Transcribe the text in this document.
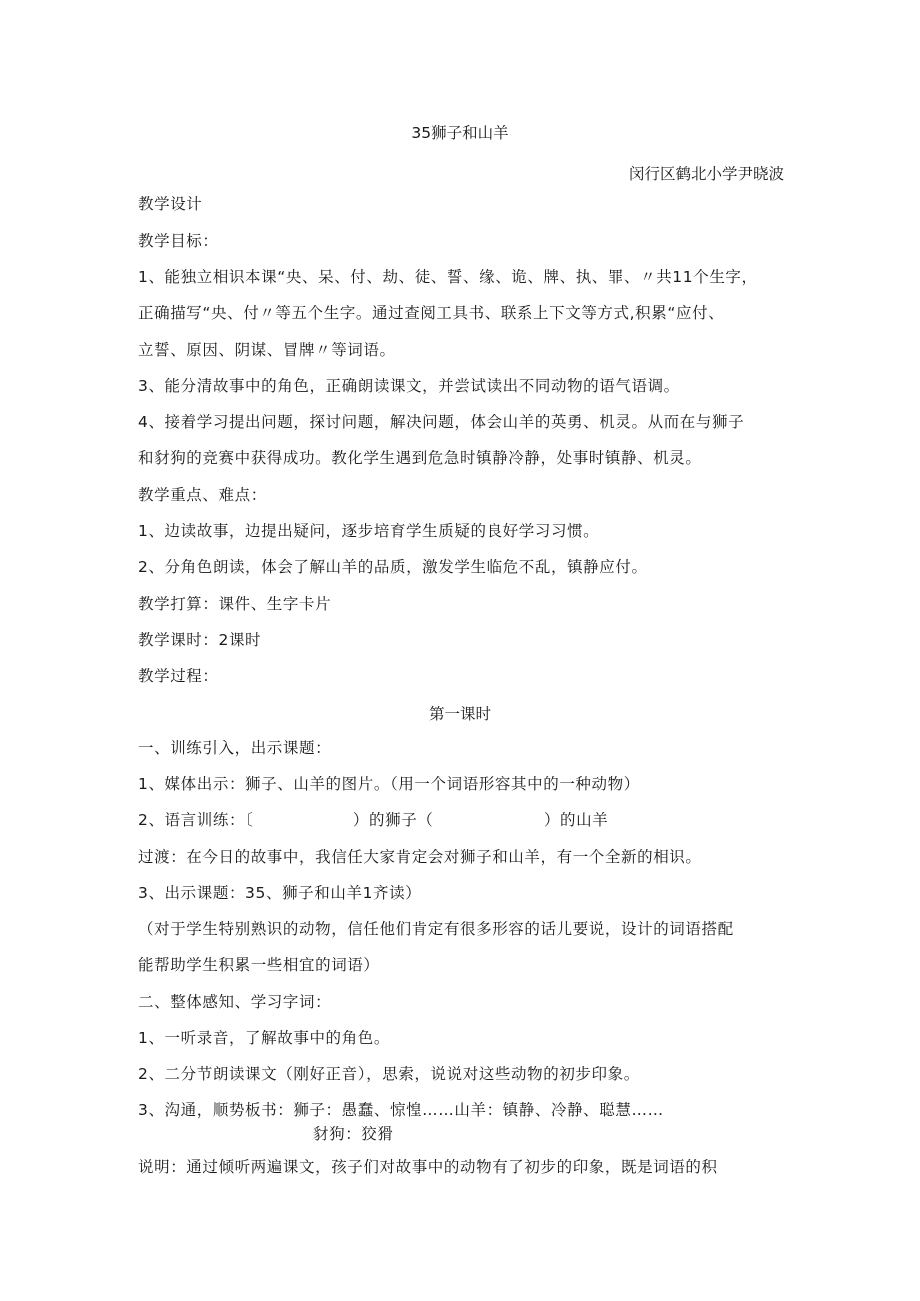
35狮子和山羊
闵行区鹤北小学尹晓波
教学设计
教学目标：
1、能独立相识本课“央、呆、付、劫、徒、誓、缘、诡、牌、执、罪、〃共11个生字，
正确描写“央、付〃等五个生字。通过查阅工具书、联系上下文等方式,积累“应付、
立誓、原因、阴谋、冒牌〃等词语。
3、能分清故事中的角色，正确朗读课文，并尝试读出不同动物的语气语调。
4、接着学习提出问题，探讨问题，解决问题，体会山羊的英勇、机灵。从而在与狮子
和豺狗的竞赛中获得成功。教化学生遇到危急时镇静冷静，处事时镇静、机灵。
教学重点、难点：
1、边读故事，边提出疑问，逐步培育学生质疑的良好学习习惯。
2、分角色朗读，体会了解山羊的品质，激发学生临危不乱，镇静应付。
教学打算：课件、生字卡片
教学课时：2课时
教学过程：
第一课时
一、训练引入，出示课题：
1、媒体出示：狮子、山羊的图片。（用一个词语形容其中的一种动物）
2、语言训练：〔                  ）的狮子（                    ）的山羊
过渡：在今日的故事中，我信任大家肯定会对狮子和山羊，有一个全新的相识。
3、出示课题：35、狮子和山羊1齐读）
（对于学生特别熟识的动物，信任他们肯定有很多形容的话儿要说，设计的词语搭配
能帮助学生积累一些相宜的词语）
二、整体感知、学习字词：
1、一听录音，了解故事中的角色。
2、二分节朗读课文（刚好正音），思索，说说对这些动物的初步印象。
3、沟通，顺势板书：狮子：愚蠢、惊惶……山羊：镇静、冷静、聪慧……
豺狗：狡猾
说明：通过倾听两遍课文，孩子们对故事中的动物有了初步的印象，既是词语的积
